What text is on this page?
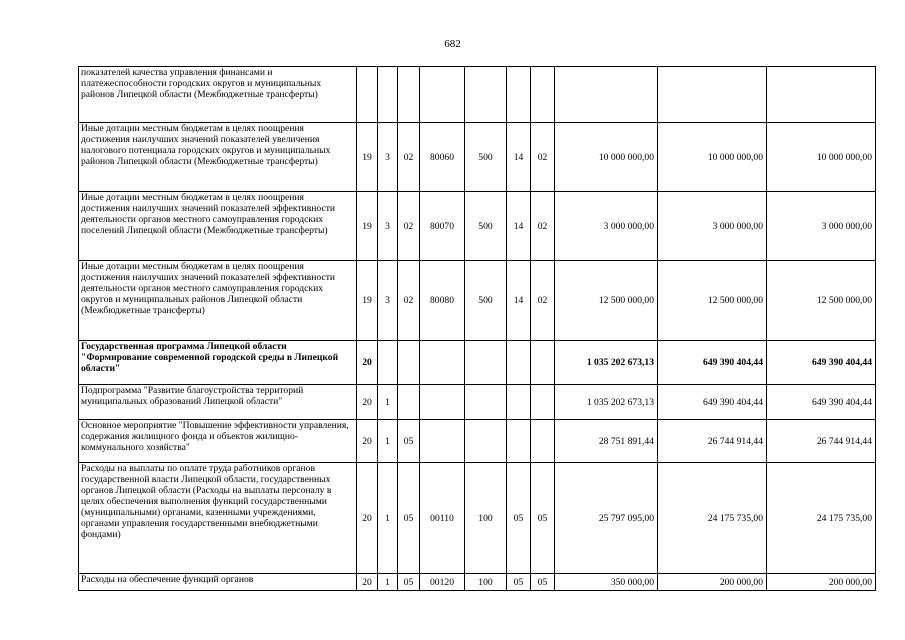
682
показателей качества управления финансами и платежеспособности городских округов и муниципальных районов Липецкой области (Межбюджетные трансферты)										
Иные дотации местным бюджетам в целях поощрения достижения наилучших значений показателей увеличения налогового потенциала городских округов и муниципальных районов Липецкой области (Межбюджетные трансферты)	19	3	02	80060	500	14	02	10 000 000,00	10 000 000,00	10 000 000,00
Иные дотации местным бюджетам в целях поощрения достижения наилучших значений показателей эффективности деятельности органов местного самоуправления городских поселений Липецкой области (Межбюджетные трансферты)	19	3	02	80070	500	14	02	3 000 000,00	3 000 000,00	3 000 000,00
Иные дотации местным бюджетам в целях поощрения достижения наилучших значений показателей эффективности деятельности органов местного самоуправления городских округов и муниципальных районов Липецкой области (Межбюджетные трансферты)	19	3	02	80080	500	14	02	12 500 000,00	12 500 000,00	12 500 000,00
Государственная программа Липецкой области "Формирование современной городской среды в Липецкой области"	20							1 035 202 673,13	649 390 404,44	649 390 404,44
Подпрограмма "Развитие благоустройства территорий муниципальных образований Липецкой области"	20	1						1 035 202 673,13	649 390 404,44	649 390 404,44
Основное мероприятие "Повышение эффективности управления, содержания жилищного фонда и объектов жилищно-коммунального хозяйства"	20	1	05					28 751 891,44	26 744 914,44	26 744 914,44
Расходы на выплаты по оплате труда работников органов государственной власти Липецкой области, государственных органов Липецкой области (Расходы на выплаты персоналу в целях обеспечения выполнения функций государственными (муниципальными) органами, казенными учреждениями, органами управления государственными внебюджетными фондами)	20	1	05	00110	100	05	05	25 797 095,00	24 175 735,00	24 175 735,00
Расходы на обеспечение функций органов	20	1	05	00120	100	05	05	350 000,00	200 000,00	200 000,00
